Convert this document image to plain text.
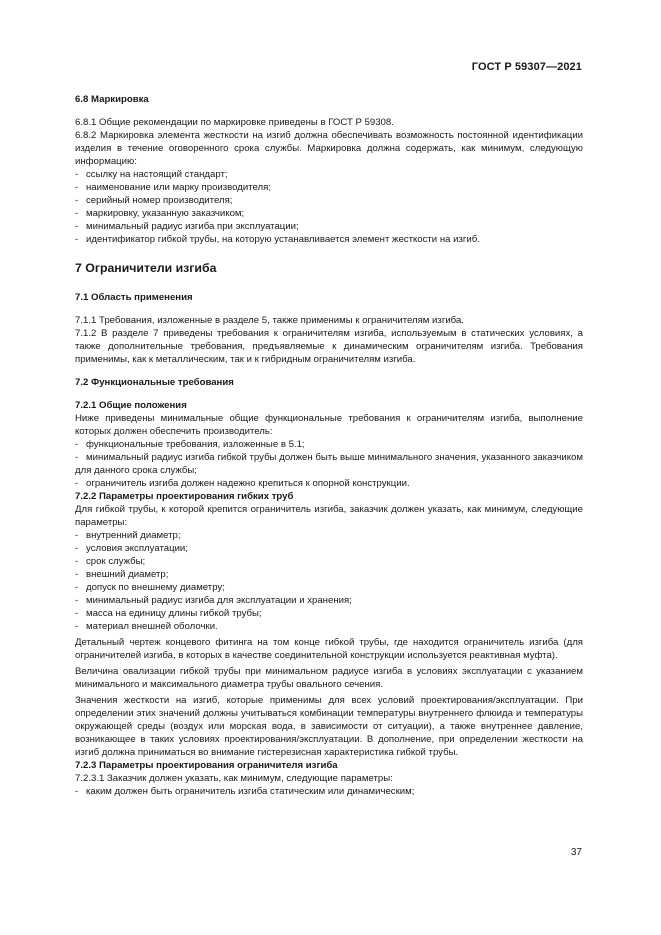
ГОСТ Р 59307—2021
6.8 Маркировка
6.8.1 Общие рекомендации по маркировке приведены в ГОСТ Р 59308.
6.8.2 Маркировка элемента жесткости на изгиб должна обеспечивать возможность постоянной идентификации изделия в течение оговоренного срока службы. Маркировка должна содержать, как минимум, следующую информацию:
- ссылку на настоящий стандарт;
- наименование или марку производителя;
- серийный номер производителя;
- маркировку, указанную заказчиком;
- минимальный радиус изгиба при эксплуатации;
- идентификатор гибкой трубы, на которую устанавливается элемент жесткости на изгиб.
7 Ограничители изгиба
7.1 Область применения
7.1.1 Требования, изложенные в разделе 5, также применимы к ограничителям изгиба.
7.1.2 В разделе 7 приведены требования к ограничителям изгиба, используемым в статических условиях, а также дополнительные требования, предъявляемые к динамическим ограничителям изгиба. Требования применимы, как к металлическим, так и к гибридным ограничителям изгиба.
7.2 Функциональные требования
7.2.1 Общие положения
Ниже приведены минимальные общие функциональные требования к ограничителям изгиба, выполнение которых должен обеспечить производитель:
- функциональные требования, изложенные в 5.1;
- минимальный радиус изгиба гибкой трубы должен быть выше минимального значения, указанного заказчиком для данного срока службы;
- ограничитель изгиба должен надежно крепиться к опорной конструкции.
7.2.2 Параметры проектирования гибких труб
Для гибкой трубы, к которой крепится ограничитель изгиба, заказчик должен указать, как минимум, следующие параметры:
- внутренний диаметр;
- условия эксплуатации;
- срок службы;
- внешний диаметр;
- допуск по внешнему диаметру;
- минимальный радиус изгиба для эксплуатации и хранения;
- масса на единицу длины гибкой трубы;
- материал внешней оболочки.
Детальный чертеж концевого фитинга на том конце гибкой трубы, где находится ограничитель изгиба (для ограничителей изгиба, в которых в качестве соединительной конструкции используется реактивная муфта).
Величина овализации гибкой трубы при минимальном радиусе изгиба в условиях эксплуатации с указанием минимального и максимального диаметра трубы овального сечения.
Значения жесткости на изгиб, которые применимы для всех условий проектирования/эксплуатации. При определении этих значений должны учитываться комбинации температуры внутреннего флюида и температуры окружающей среды (воздух или морская вода, в зависимости от ситуации), а также внутреннее давление, возникающее в таких условиях проектирования/эксплуатации. В дополнение, при определении жесткости на изгиб должна приниматься во внимание гистерезисная характеристика гибкой трубы.
7.2.3 Параметры проектирования ограничителя изгиба
7.2.3.1 Заказчик должен указать, как минимум, следующие параметры:
- каким должен быть ограничитель изгиба статическим или динамическим;
37
